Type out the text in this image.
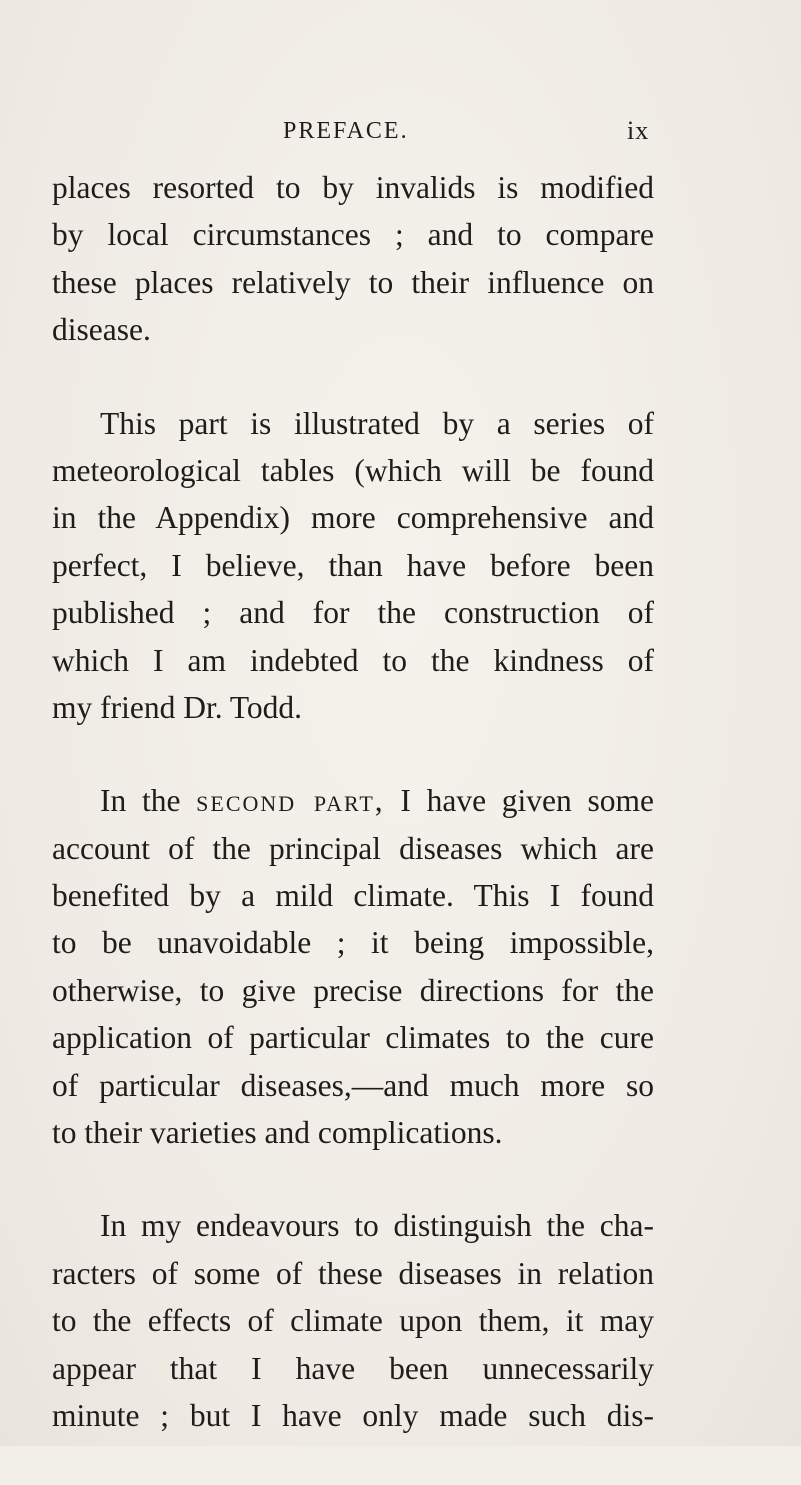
PREFACE.	ix
places resorted to by invalids is modified
by local circumstances ; and to compare
these places relatively to their influence on
disease.
This part is illustrated by a series of
meteorological tables (which will be found
in the Appendix) more comprehensive and
perfect, I believe, than have before been
published ; and for the construction of
which I am indebted to the kindness of
my friend Dr. Todd.
In the second part, I have given some
account of the principal diseases which are
benefited by a mild climate. This I found
to be unavoidable ; it being impossible,
otherwise, to give precise directions for the
application of particular climates to the cure
of particular diseases,—and much more so
to their varieties and complications.
In my endeavours to distinguish the cha-
racters of some of these diseases in relation
to the effects of climate upon them, it may
appear that I have been unnecessarily
minute ; but I have only made such dis-
